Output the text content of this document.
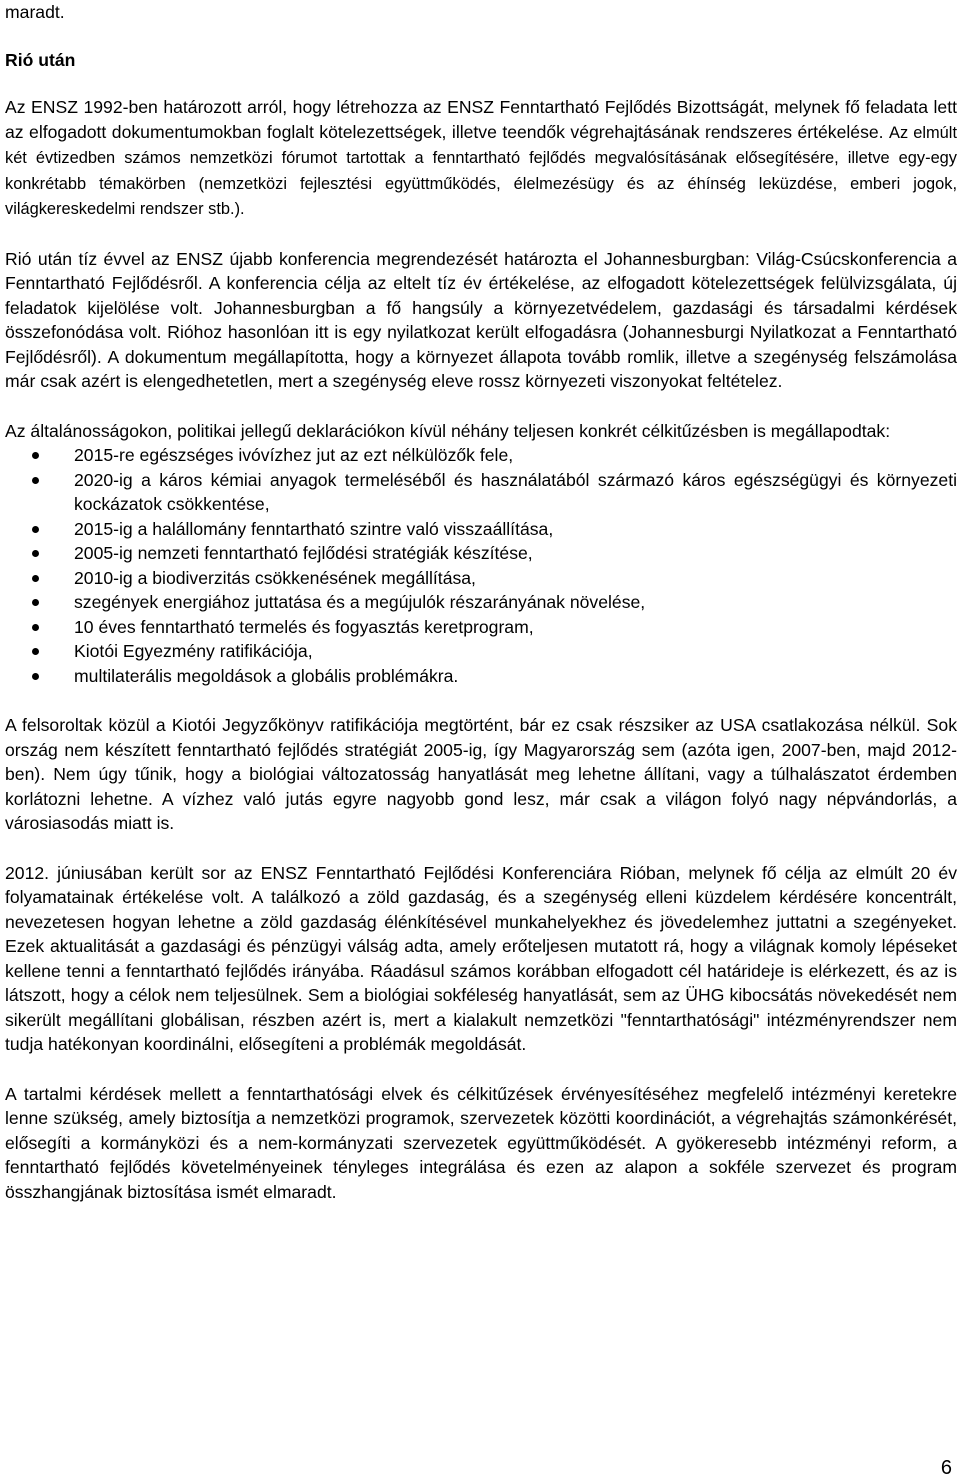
maradt.

Rió után

Az ENSZ 1992-ben határozott arról, hogy létrehozza az ENSZ Fenntartható Fejlődés Bizottságát, melynek fő feladata lett az elfogadott dokumentumokban foglalt kötelezettségek, illetve teendők végrehajtásának rendszeres értékelése. Az elmúlt két évtizedben számos nemzetközi fórumot tartottak a fenntartható fejlődés megvalósításának elősegítésére, illetve egy-egy konkrétabb témakörben (nemzetközi fejlesztési együttműködés, élelmezésügy és az éhínség leküzdése, emberi jogok, világkereskedelmi rendszer stb.).

Rió után tíz évvel az ENSZ újabb konferencia megrendezését határozta el Johannesburgban: Világ-Csúcskonferencia a Fenntartható Fejlődésről. A konferencia célja az eltelt tíz év értékelése, az elfogadott kötelezettségek felülvizsgálata, új feladatok kijelölése volt. Johannesburgban a fő hangsúly a környezetvédelem, gazdasági és társadalmi kérdések összefonódása volt. Rióhoz hasonlóan itt is egy nyilatkozat került elfogadásra (Johannesburgi Nyilatkozat a Fenntartható Fejlődésről). A dokumentum megállapította, hogy a környezet állapota tovább romlik, illetve a szegénység felszámolása már csak azért is elengedhetetlen, mert a szegénység eleve rossz környezeti viszonyokat feltételez.

Az általánosságokon, politikai jellegű deklarációkon kívül néhány teljesen konkrét célkitűzésben is megállapodtak:

2015-re egészséges ivóvízhez jut az ezt nélkülözők fele,
2020-ig a káros kémiai anyagok termeléséből és használatából származó káros egészségügyi és környezeti kockázatok csökkentése,
2015-ig a halállomány fenntartható szintre való visszaállítása,
2005-ig nemzeti fenntartható fejlődési stratégiák készítése,
2010-ig a biodiverzitás csökkenésének megállítása,
szegények energiához juttatása és a megújulók részarányának növelése,
10 éves fenntartható termelés és fogyasztás keretprogram,
Kiotói Egyezmény ratifikációja,
multilaterális megoldások a globális problémákra.

A felsoroltak közül a Kiotói Jegyzőkönyv ratifikációja megtörtént, bár ez csak részsiker az USA csatlakozása nélkül. Sok ország nem készített fenntartható fejlődés stratégiát 2005-ig, így Magyarország sem (azóta igen, 2007-ben, majd 2012-ben). Nem úgy tűnik, hogy a biológiai változatosság hanyatlását meg lehetne állítani, vagy a túlhalászatot érdemben korlátozni lehetne. A vízhez való jutás egyre nagyobb gond lesz, már csak a világon folyó nagy népvándorlás, a városiasodás miatt is.

2012. júniusában került sor az ENSZ Fenntartható Fejlődési Konferenciára Rióban, melynek fő célja az elmúlt 20 év folyamatainak értékelése volt. A találkozó a zöld gazdaság, és a szegénység elleni küzdelem kérdésére koncentrált, nevezetesen hogyan lehetne a zöld gazdaság élénkítésével munkahelyekhez és jövedelemhez juttatni a szegényeket. Ezek aktualitását a gazdasági és pénzügyi válság adta, amely erőteljesen mutatott rá, hogy a világnak komoly lépéseket kellene tenni a fenntartható fejlődés irányába. Ráadásul számos korábban elfogadott cél határideje is elérkezett, és az is látszott, hogy a célok nem teljesülnek. Sem a biológiai sokféleség hanyatlását, sem az ÜHG kibocsátás növekedését nem sikerült megállítani globálisan, részben azért is, mert a kialakult nemzetközi "fenntarthatósági" intézményrendszer nem tudja hatékonyan koordinálni, elősegíteni a problémák megoldását.

A tartalmi kérdések mellett a fenntarthatósági elvek és célkitűzések érvényesítéséhez megfelelő intézményi keretekre lenne szükség, amely biztosítja a nemzetközi programok, szervezetek közötti koordinációt, a végrehajtás számonkérését, elősegíti a kormányközi és a nem-kormányzati szervezetek együttműködését. A gyökeresebb intézményi reform, a fenntartható fejlődés követelményeinek tényleges integrálása és ezen az alapon a sokféle szervezet és program összhangjának biztosítása ismét elmaradt.

6
